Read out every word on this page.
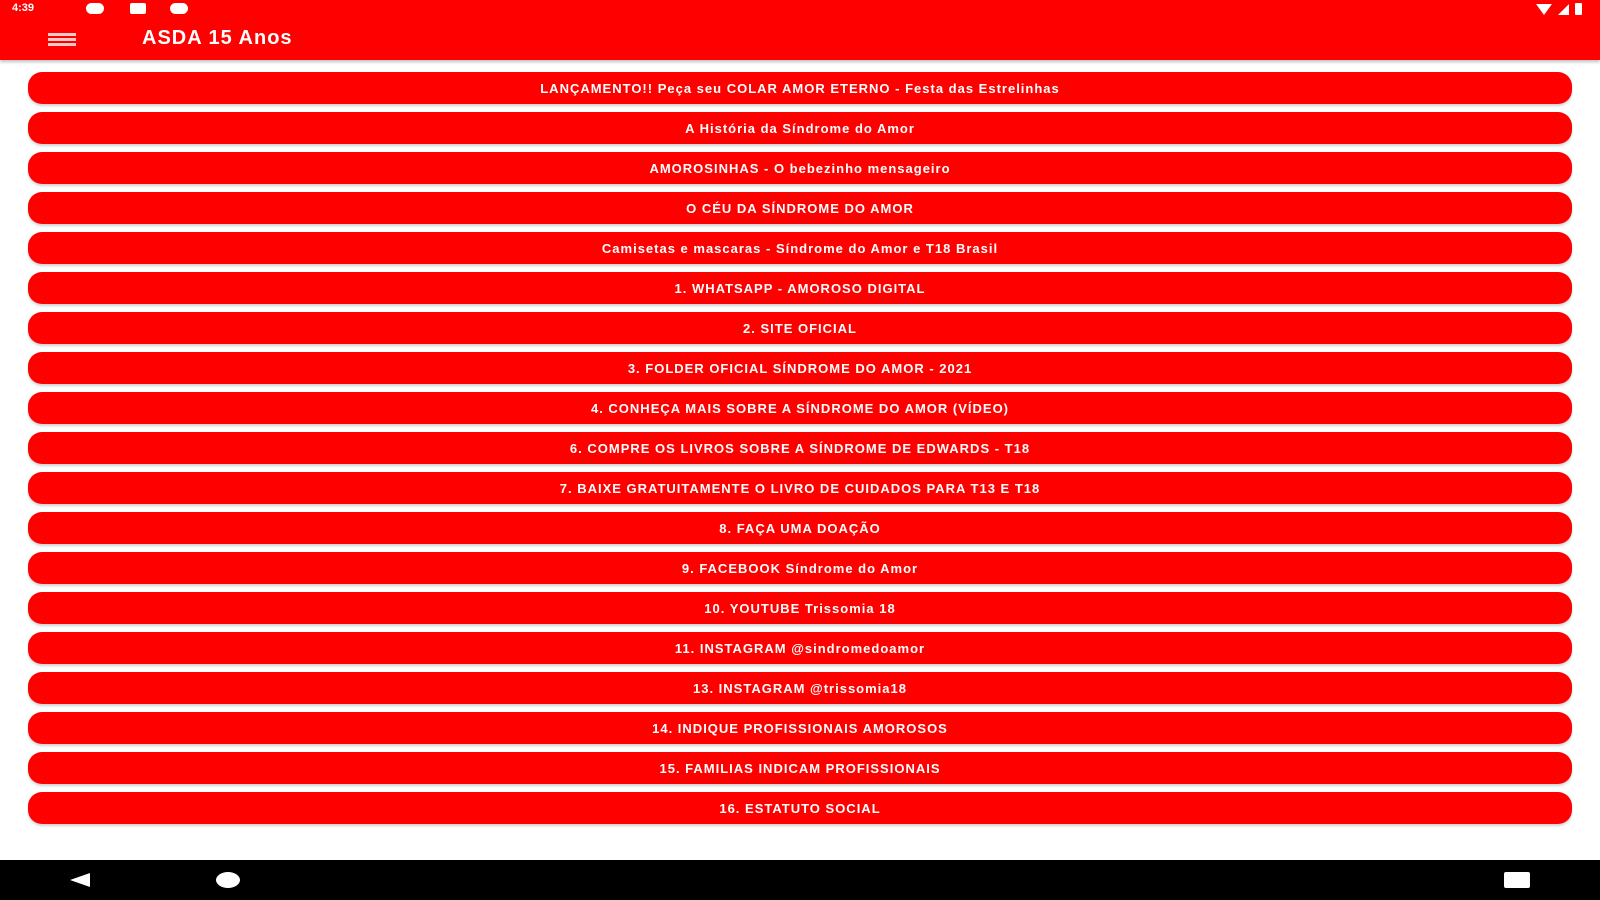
4:39
ASDA 15 Anos
LANÇAMENTO!! Peça seu COLAR AMOR ETERNO - Festa das Estrelinhas
A História da Síndrome do Amor
AMOROSINHAS - O bebezinho mensageiro
O CÉU DA SÍNDROME DO AMOR
Camisetas e mascaras - Síndrome do Amor e T18 Brasil
1. WHATSAPP - AMOROSO DIGITAL
2. SITE OFICIAL
3. FOLDER OFICIAL SÍNDROME DO AMOR - 2021
4. CONHEÇA MAIS SOBRE A SÍNDROME DO AMOR (VÍDEO)
6. COMPRE OS LIVROS SOBRE A SÍNDROME DE EDWARDS - T18
7. BAIXE GRATUITAMENTE O LIVRO DE CUIDADOS PARA T13 E T18
8. FAÇA UMA DOAÇÃO
9. FACEBOOK Síndrome do Amor
10. YOUTUBE Trissomia 18
11. INSTAGRAM @sindromedoamor
13. INSTAGRAM @trissomia18
14. INDIQUE PROFISSIONAIS AMOROSOS
15. FAMILIAS INDICAM PROFISSIONAIS
16. ESTATUTO SOCIAL
